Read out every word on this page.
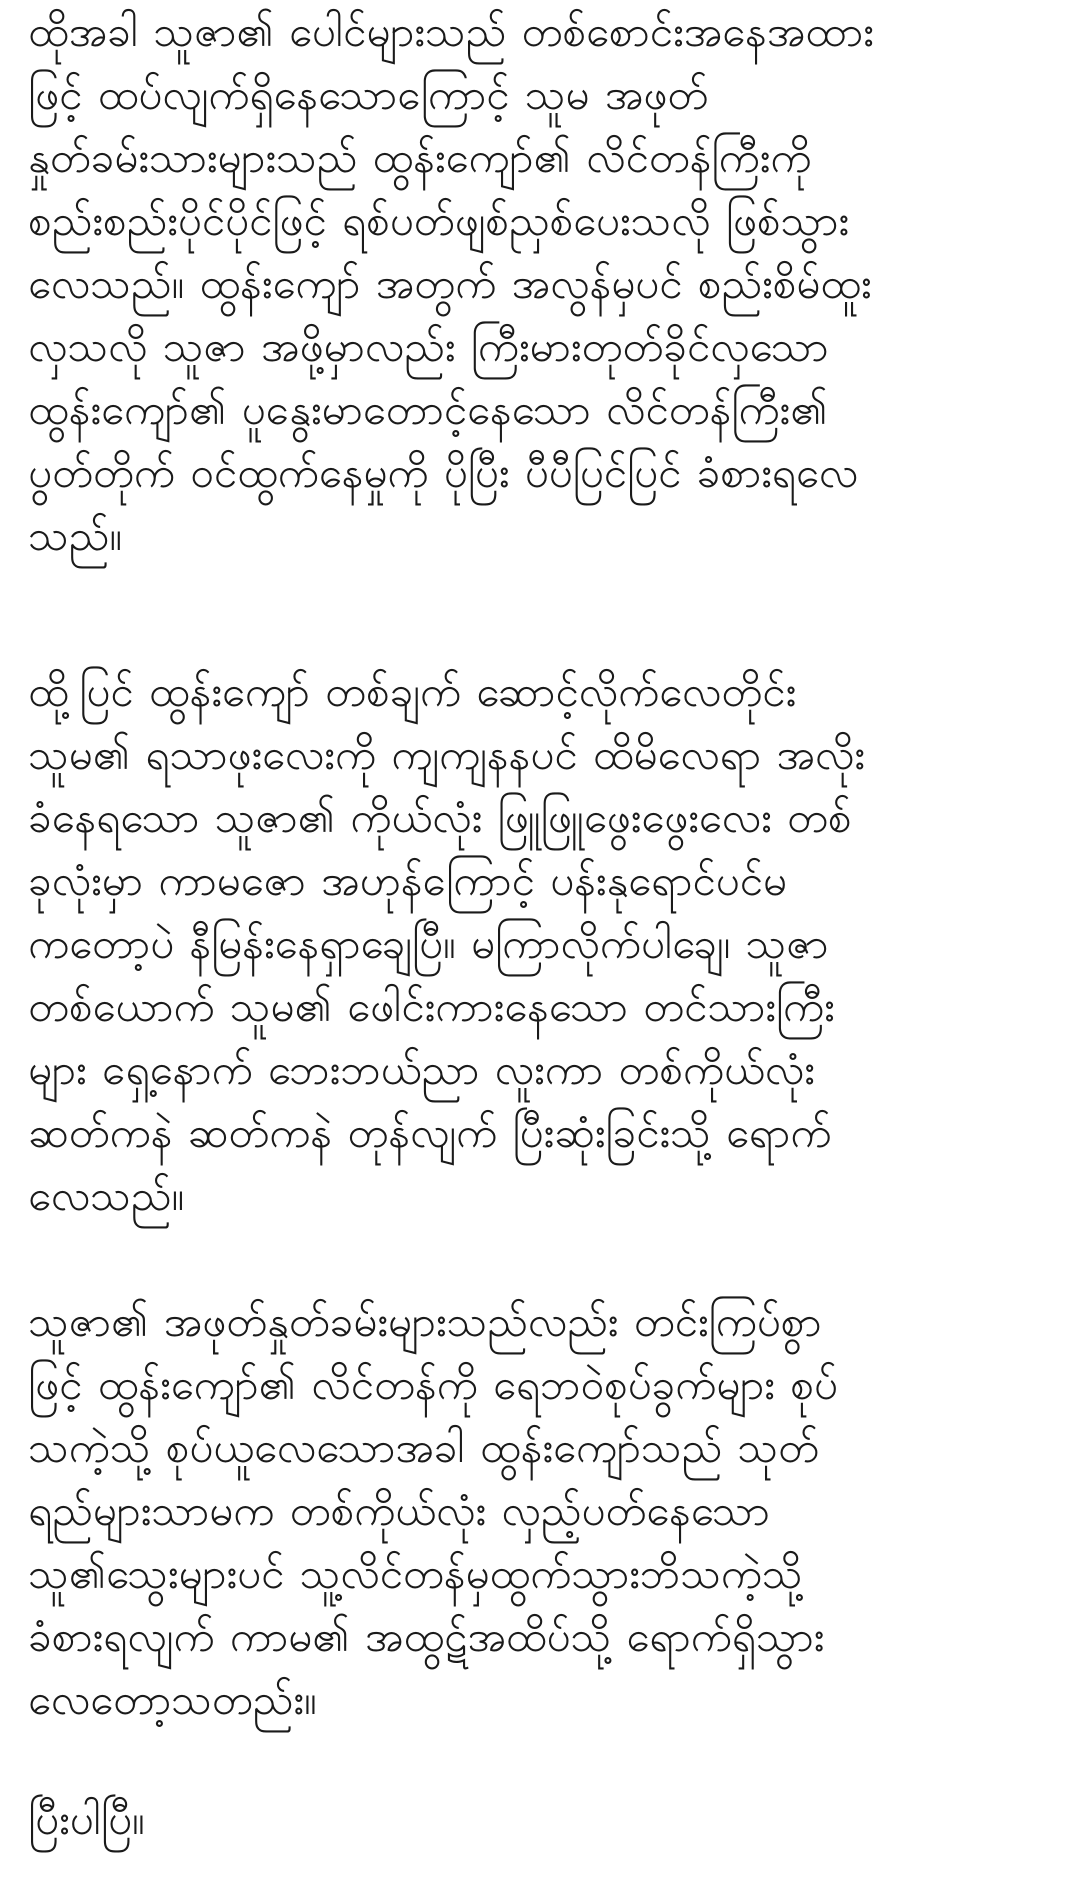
ထိုအခါ သူဇာ၏ ပေါင်များသည် တစ်စောင်းအနေအထား
ဖြင့် ထပ်လျက်ရှိနေသောကြောင့် သူမ အဖုတ်
နှုတ်ခမ်းသားများသည် ထွန်းကျော်၏ လိင်တန်ကြီးကို
စည်းစည်းပိုင်ပိုင်ဖြင့် ရစ်ပတ်ဖျစ်ညှစ်ပေးသလို ဖြစ်သွား
လေသည်။ ထွန်းကျော် အတွက် အလွန်မှပင် စည်းစိမ်ထူး
လှသလို သူဇာ အဖို့မှာလည်း ကြီးမားတုတ်ခိုင်လှသော
ထွန်းကျော်၏ ပူနွေးမာတောင့်နေသော လိင်တန်ကြီး၏
ပွတ်တိုက် ဝင်ထွက်နေမှုကို ပိုပြီး ပီပီပြင်ပြင် ခံစားရလေ
သည်။

ထို့ပြင် ထွန်းကျော် တစ်ချက် ဆောင့်လိုက်လေတိုင်း
သူမ၏ ရသာဖုးလေးကို ကျကျနနပင် ထိမိလေရာ အလိုး
ခံနေရသော သူဇာ၏ ကိုယ်လုံး ဖြူဖြူဖွေးဖွေးလေး တစ်
ခုလုံးမှာ ကာမဇော အဟုန်ကြောင့် ပန်းနုရောင်ပင်မ
ကတော့ပဲ နီမြန်းနေရှာချေပြီ။ မကြာလိုက်ပါချေ၊ သူဇာ
တစ်ယောက် သူမ၏ ဖေါင်းကားနေသော တင်သားကြီး
များ ရှေ့နောက် ဘေးဘယ်ညာ လူးကာ တစ်ကိုယ်လုံး
ဆတ်ကနဲ ဆတ်ကနဲ တုန်လျက် ပြီးဆုံးခြင်းသို့ ရောက်
လေသည်။

သူဇာ၏ အဖုတ်နှုတ်ခမ်းများသည်လည်း တင်းကြပ်စွာ
ဖြင့် ထွန်းကျော်၏ လိင်တန်ကို ရေဘဝဲစုပ်ခွက်များ စုပ်
သကဲ့သို့ စုပ်ယူလေသောအခါ ထွန်းကျော်သည် သုတ်
ရည်များသာမက တစ်ကိုယ်လုံး လှည့်ပတ်နေသော
သူ၏သွေးများပင် သူ့လိင်တန်မှထွက်သွားဘိသကဲ့သို့
ခံစားရလျက် ကာမ၏ အထွဋ်အထိပ်သို့ ရောက်ရှိသွား
လေတော့သတည်း။

ပြီးပါပြီ။
